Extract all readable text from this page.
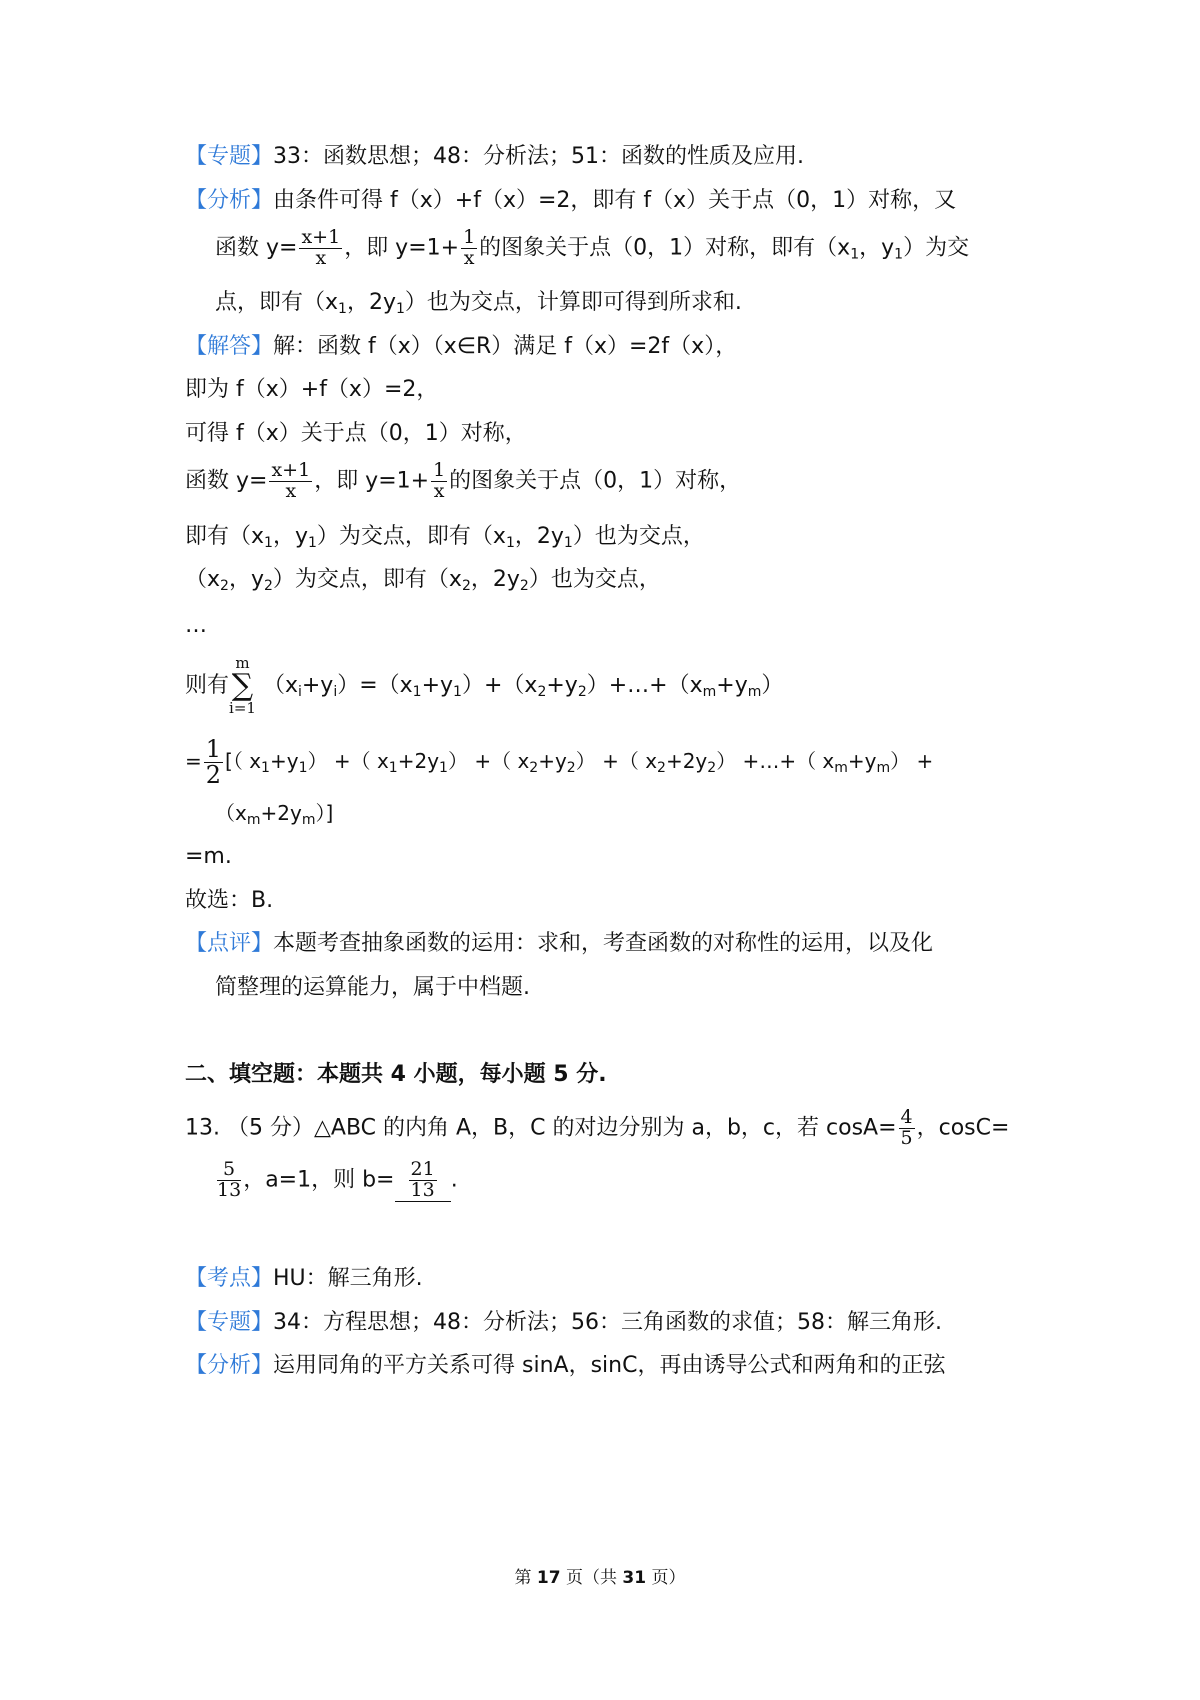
【专题】33：函数思想；48：分析法；51：函数的性质及应用.
【分析】由条件可得 f（x）+f（x）=2，即有 f（x）关于点（0，1）对称，又
函数 $y= \frac{x+1}{x}$ ，即 $y=1+ \frac{1}{x}$ 的图象关于点（0，1）对称，即有（$x_1$，$y_1$）为交
点，即有（$x_1$，$2y_1$）也为交点，计算即可得到所求和.
【解答】解：函数 f（x）（x∈R）满足 f（x）=2f（x），
即为 f（x）+f（x）=2，
可得 f（x）关于点（0，1）对称，
函数 $y= \frac{x+1}{x}$ ，即 $y=1+ \frac{1}{x}$ 的图象关于点（0，1）对称，
即有（$x_1$，$y_1$）为交点，即有（$x_1$，$2y_1$）也为交点，
（$x_2$，$y_2$）为交点，即有（$x_2$，$2y_2$）也为交点，
…
则有
m
∑
i=1
$(x_i+y_i)=(x_1+y_1)+(x_2+y_2)+\dots+(x_m+y_m)$
= $\frac{1}{2}$ [（ $x_1+y_1$） +（ $x_1+2y_1$） +（ $x_2+y_2$） +（ $x_2+2y_2$） +…+（ $x_m+y_m$） +
$(x_m+2y_m)$]
=m.
故选：B.
【点评】本题考查抽象函数的运用：求和，考查函数的对称性的运用，以及化
简整理的运算能力，属于中档题.
二、填空题：本题共 4 小题，每小题 5 分.
13. （5 分）△ABC 的内角 A，B，C 的对边分别为 a，b，c，若 $\cos A= \frac{4}{5}$ ，cosC=
$\frac{5}{13}$ ，a=1，则 $b= \frac{21}{13}$ .
【考点】HU：解三角形.
【专题】34：方程思想；48：分析法；56：三角函数的求值；58：解三角形.
【分析】运用同角的平方关系可得 sinA，sinC，再由诱导公式和两角和的正弦
第 17 页（共 31 页）
